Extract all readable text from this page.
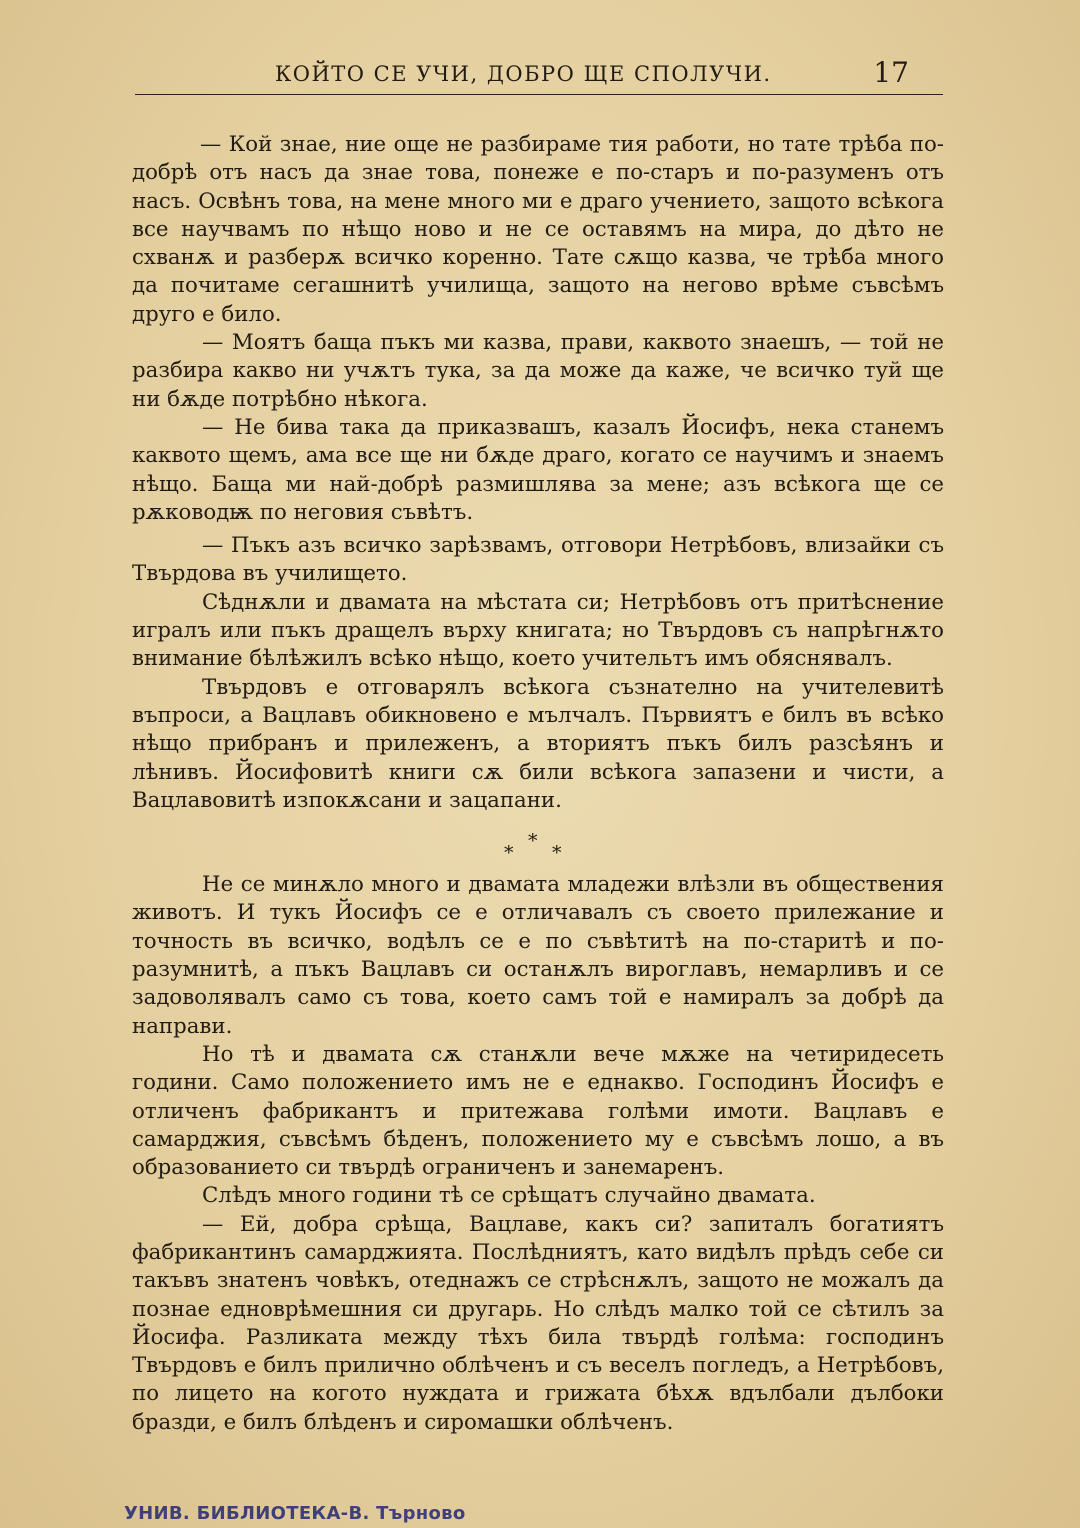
КОЙТО СЕ УЧИ, ДОБРО ЩЕ СПОЛУЧИ.	17

— Кой знае, ние още не разбираме тия работи, но тате трѣба по-добрѣ отъ насъ да знае това, понеже е по-старъ и по-разуменъ отъ насъ. Освѣнъ това, на мене много ми е драго учението, защото всѣкога все научвамъ по нѣщо ново и не се оставямъ на мира, до дѣто не схванѫ и разберѫ всичко коренно. Тате сѫщо казва, че трѣба много да почитаме сегашнитѣ училища, защото на негово врѣме съвсѣмъ друго е било.

— Моятъ баща пъкъ ми казва, прави, каквото знаешъ, — той не разбира какво ни учѫтъ тука, за да може да каже, че всичко туй ще ни бѫде потрѣбно нѣкога.

— Не бива така да приказвашъ, казалъ Йосифъ, нека станемъ каквото щемъ, ама все ще ни бѫде драго, когато се научимъ и знаемъ нѣщо. Баща ми най-добрѣ размишлява за мене; азъ всѣкога ще се рѫководѭ по неговия съвѣтъ.

— Пъкъ азъ всичко зарѣзвамъ, отговори Нетрѣбовъ, влизайки съ Твърдова въ училището.

Сѣднѫли и двамата на мѣстата си; Нетрѣбовъ отъ притѣснение игралъ или пъкъ дращелъ върху книгата; но Твърдовъ съ напрѣгнѫто внимание бѣлѣжилъ всѣко нѣщо, което учительтъ имъ обяснявалъ.

Твърдовъ е отговарялъ всѣкога съзнателно на учителевитѣ въпроси, а Вацлавъ обикновено е мълчалъ. Първиятъ е билъ въ всѣко нѣщо прибранъ и прилеженъ, а вториятъ пъкъ билъ разсѣянъ и лѣнивъ. Йосифовитѣ книги сѫ били всѣкога запазени и чисти, а Вацлавовитѣ изпокѫсани и зацапани.

*
* *

Не се минѫло много и двамата младежи влѣзли въ обществения животъ. И тукъ Йосифъ се е отличавалъ съ своето прилежание и точность въ всичко, водѣлъ се е по съвѣтитѣ на по-старитѣ и по-разумнитѣ, а пъкъ Вацлавъ си останѫлъ вироглавъ, немарливъ и се задоволявалъ само съ това, което самъ той е намиралъ за добрѣ да направи.

Но тѣ и двамата сѫ станѫли вече мѫже на четиридесеть години. Само положението имъ не е еднакво. Господинъ Йосифъ е отличенъ фабрикантъ и притежава голѣми имоти. Вацлавъ е самарджия, съвсѣмъ бѣденъ, положението му е съвсѣмъ лошо, а въ образованието си твърдѣ ограниченъ и занемаренъ.

Слѣдъ много години тѣ се срѣщатъ случайно двамата.

— Ей, добра срѣща, Вацлаве, какъ си? запиталъ богатиятъ фабрикантинъ самарджията. Послѣдниятъ, като видѣлъ прѣдъ себе си такъвъ знатенъ човѣкъ, отеднажъ се стрѣснѫлъ, защото не можалъ да познае едноврѣмешния си другарь. Но слѣдъ малко той се сѣтилъ за Йосифа. Разликата между тѣхъ била твърдѣ голѣма: господинъ Твърдовъ е билъ прилично облѣченъ и съ веселъ погледъ, а Нетрѣбовъ, по лицето на когото нуждата и грижата бѣхѫ вдълбали дълбоки бразди, е билъ блѣденъ и сиромашки облѣченъ.

УНИВ. БИБЛИОТЕКА-В. Търново
